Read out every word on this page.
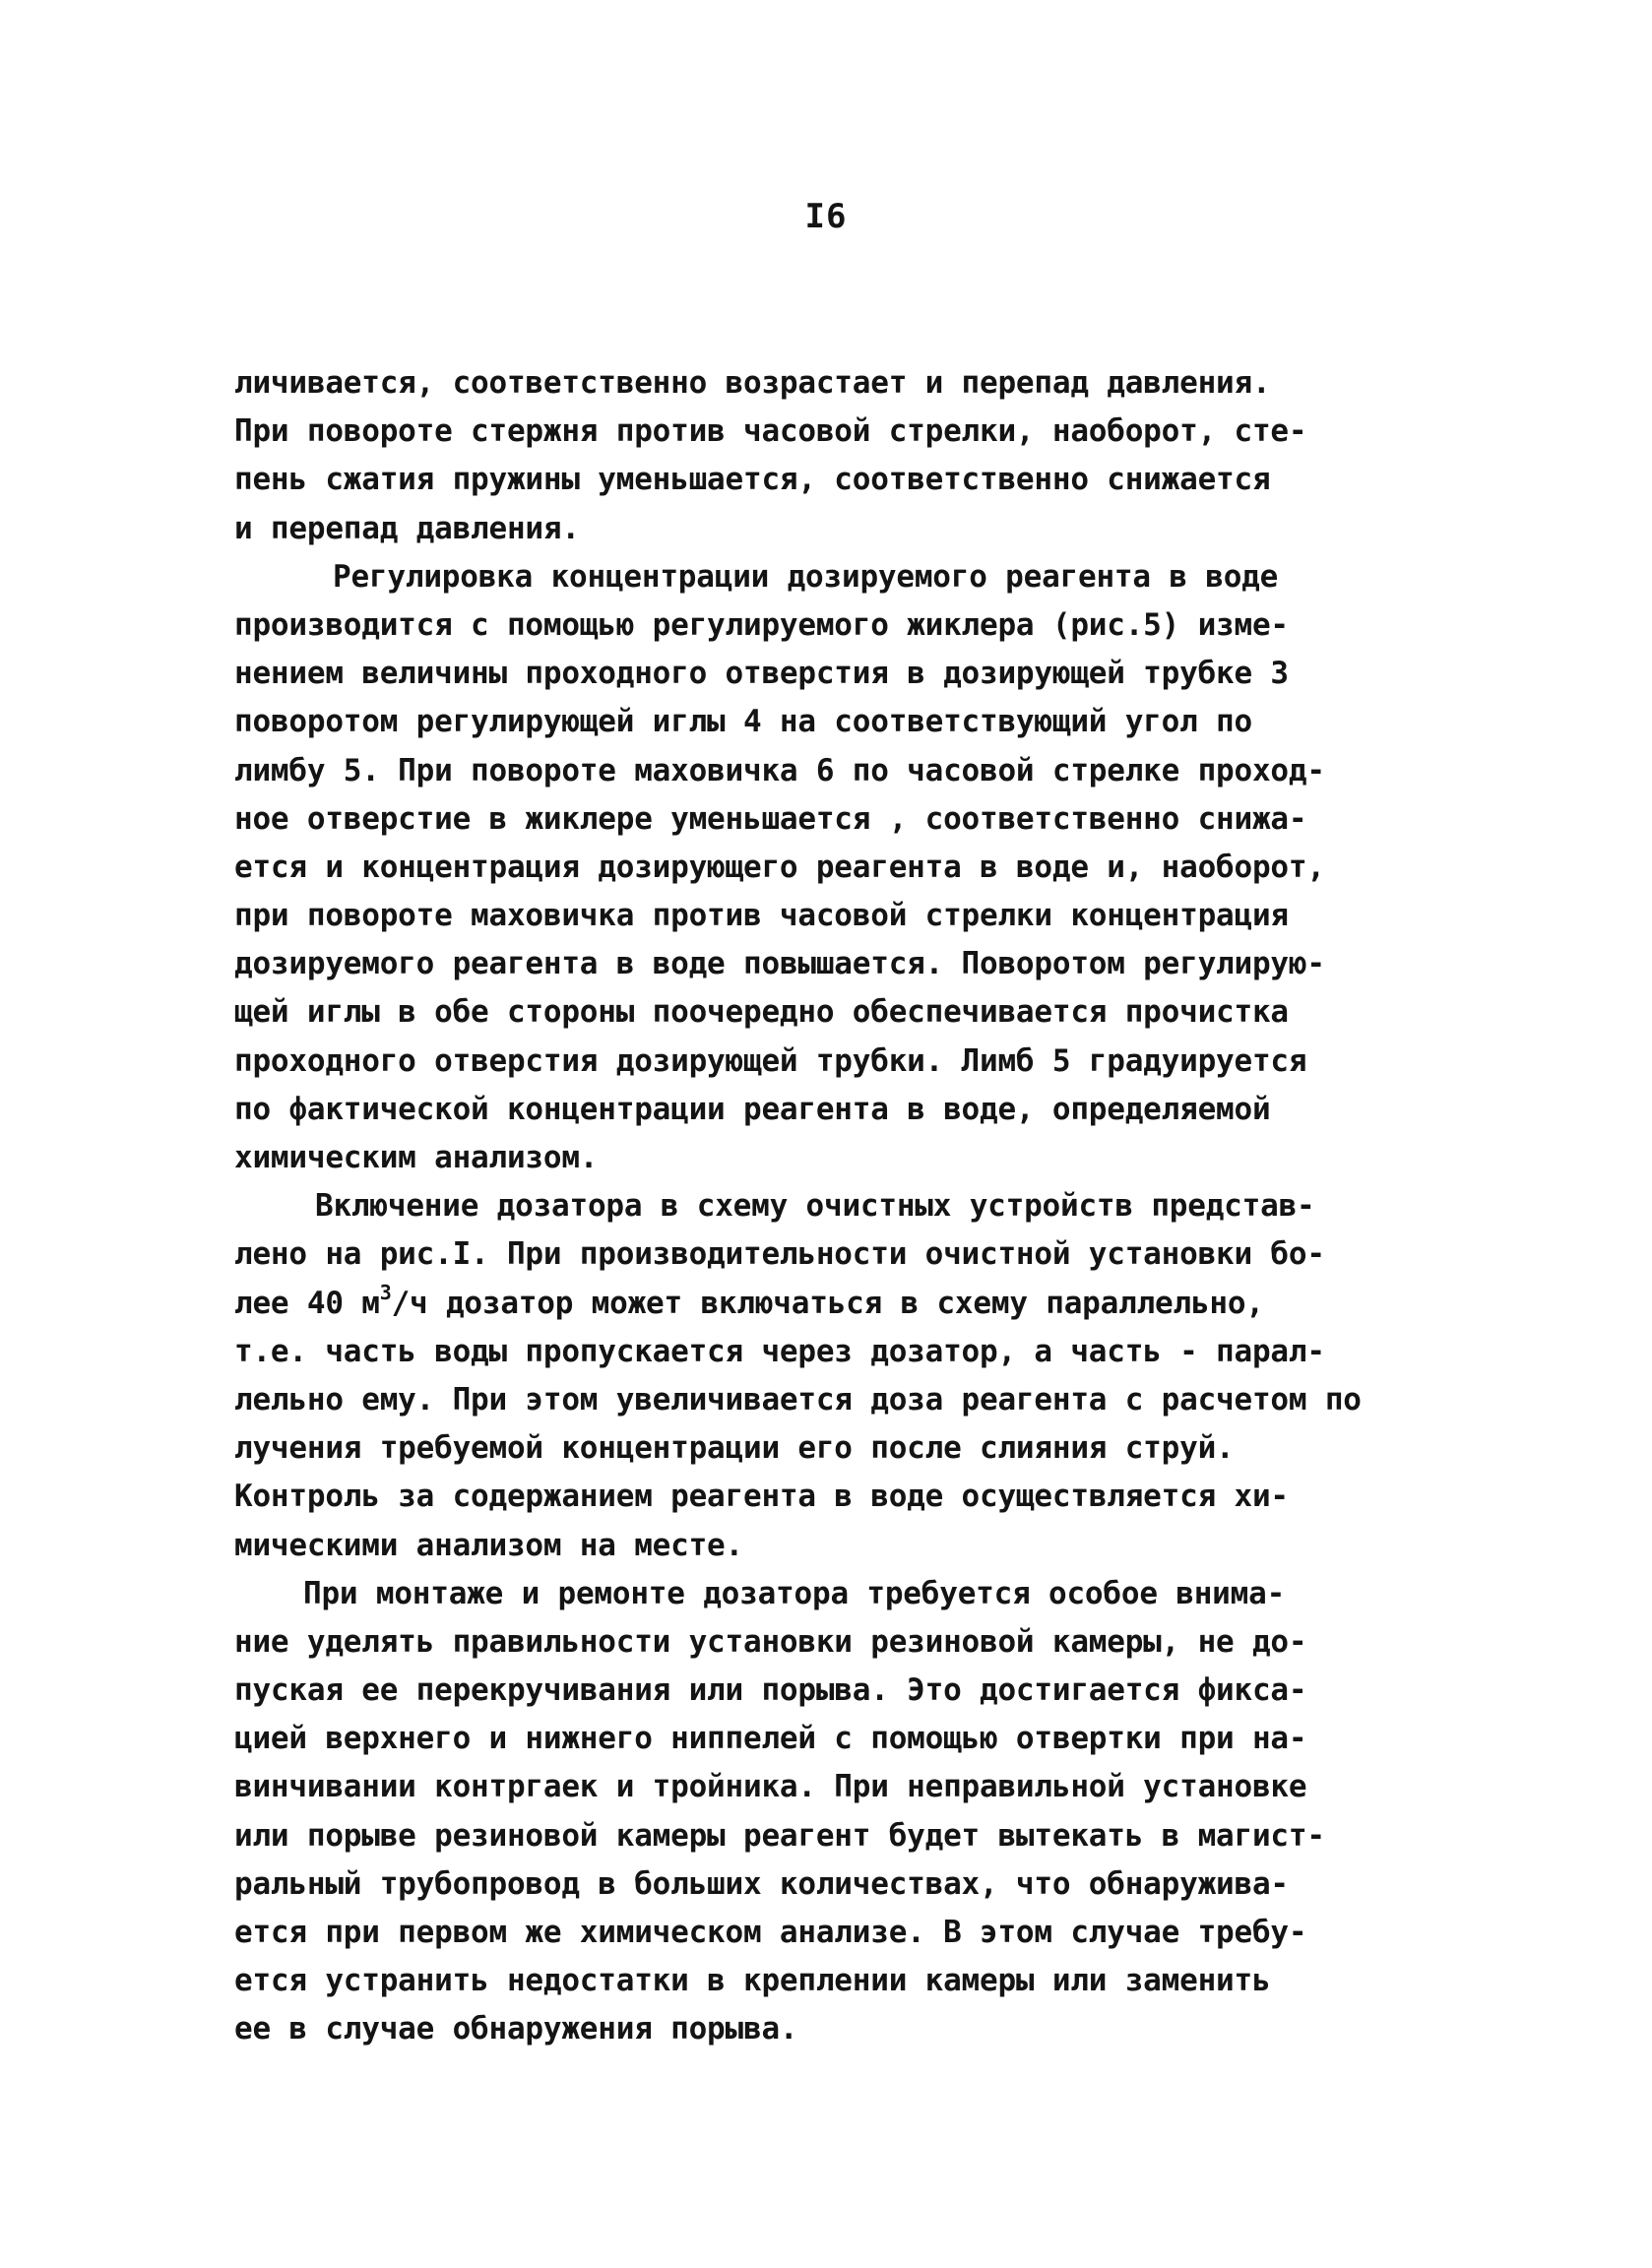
I6
личивается, соответственно возрастает и перепад давления.
При повороте стержня против часовой стрелки, наоборот, сте-
пень сжатия пружины уменьшается, соответственно снижается
и перепад давления.
Регулировка концентрации дозируемого реагента в воде
производится с помощью регулируемого жиклера (рис.5) изме-
нением величины проходного отверстия в дозирующей трубке 3
поворотом регулирующей иглы 4 на соответствующий угол по
лимбу 5. При повороте маховичка 6 по часовой стрелке проход-
ное отверстие в жиклере уменьшается , соответственно снижа-
ется и концентрация дозирующего реагента в воде и, наоборот,
при повороте маховичка против часовой стрелки концентрация
дозируемого реагента в воде повышается. Поворотом регулирую-
щей иглы в обе стороны поочередно обеспечивается прочистка
проходного отверстия дозирующей трубки. Лимб 5 градуируется
по фактической концентрации реагента в воде, определяемой
химическим анализом.
Включение дозатора в схему очистных устройств представ-
лено на рис.I. При производительности очистной установки бо-
лее 40 $м^3/ч$ дозатор может включаться в схему параллельно,
т.е. часть воды пропускается через дозатор, а часть - парал-
лельно ему. При этом увеличивается доза реагента с расчетом по
лучения требуемой концентрации его после слияния струй.
Контроль за содержанием реагента в воде осуществляется хи-
мическими анализом на месте.
При монтаже и ремонте дозатора требуется особое внима-
ние уделять правильности установки резиновой камеры, не до-
пуская ее перекручивания или порыва. Это достигается фикса-
цией верхнего и нижнего ниппелей с помощью отвертки при на-
винчивании контргаек и тройника. При неправильной установке
или порыве резиновой камеры реагент будет вытекать в магист-
ральный трубопровод в больших количествах, что обнаружива-
ется при первом же химическом анализе. В этом случае требу-
ется устранить недостатки в креплении камеры или заменить
ее в случае обнаружения порыва.
